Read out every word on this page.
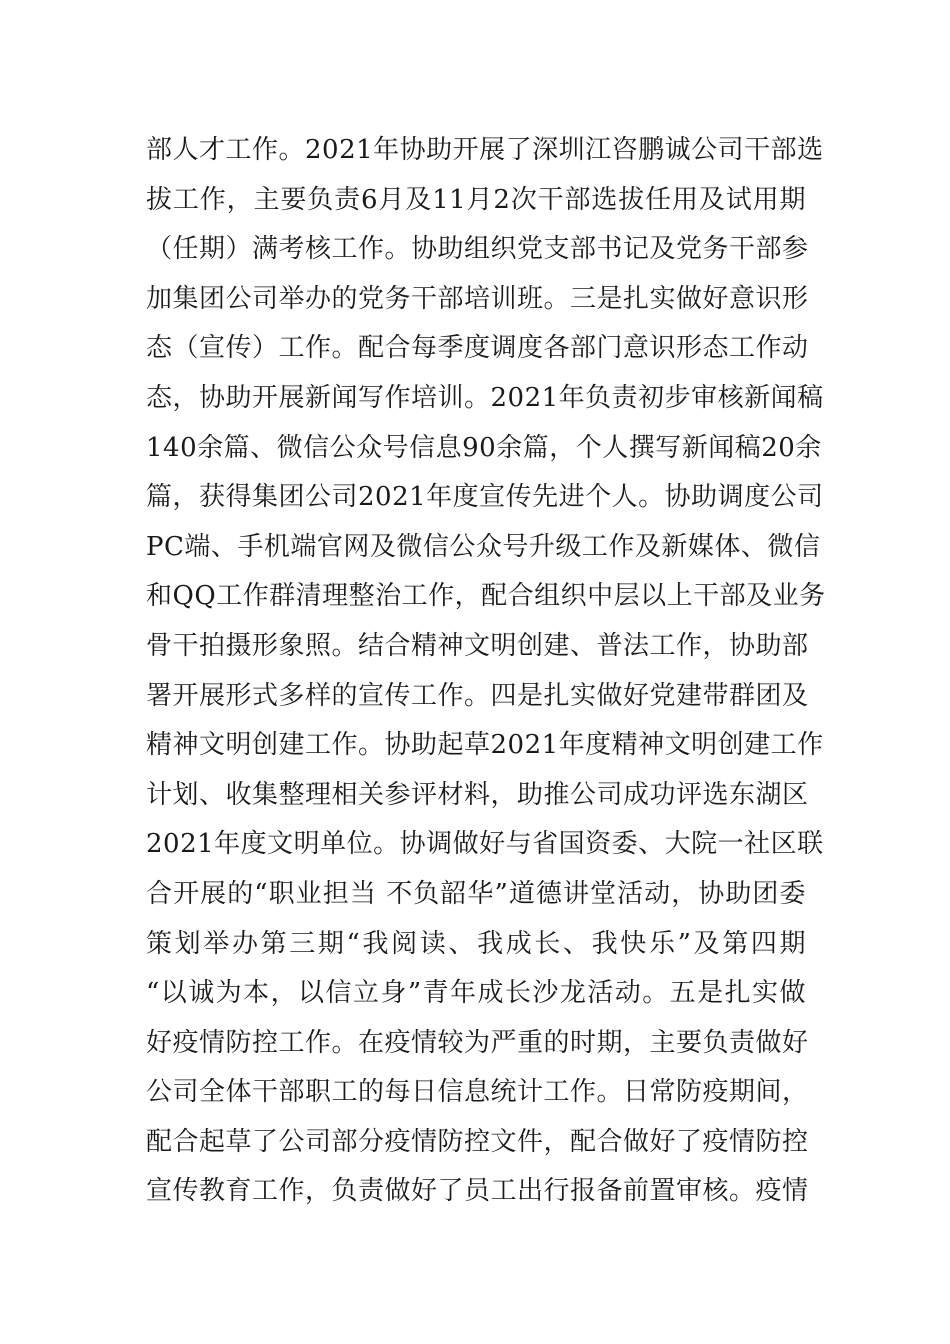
部人才工作。2021年协助开展了深圳江咨鹏诚公司干部选
拔工作，主要负责6月及11月2次干部选拔任用及试用期
（任期）满考核工作。协助组织党支部书记及党务干部参
加集团公司举办的党务干部培训班。三是扎实做好意识形
态（宣传）工作。配合每季度调度各部门意识形态工作动
态，协助开展新闻写作培训。2021年负责初步审核新闻稿
140余篇、微信公众号信息90余篇，个人撰写新闻稿20余
篇，获得集团公司2021年度宣传先进个人。协助调度公司
PC端、手机端官网及微信公众号升级工作及新媒体、微信
和QQ工作群清理整治工作，配合组织中层以上干部及业务
骨干拍摄形象照。结合精神文明创建、普法工作，协助部
署开展形式多样的宣传工作。四是扎实做好党建带群团及
精神文明创建工作。协助起草2021年度精神文明创建工作
计划、收集整理相关参评材料，助推公司成功评选东湖区
2021年度文明单位。协调做好与省国资委、大院一社区联
合开展的“职业担当 不负韶华”道德讲堂活动，协助团委
策划举办第三期“我阅读、我成长、我快乐”及第四期
“以诚为本，以信立身”青年成长沙龙活动。五是扎实做
好疫情防控工作。在疫情较为严重的时期，主要负责做好
公司全体干部职工的每日信息统计工作。日常防疫期间，
配合起草了公司部分疫情防控文件，配合做好了疫情防控
宣传教育工作，负责做好了员工出行报备前置审核。疫情
